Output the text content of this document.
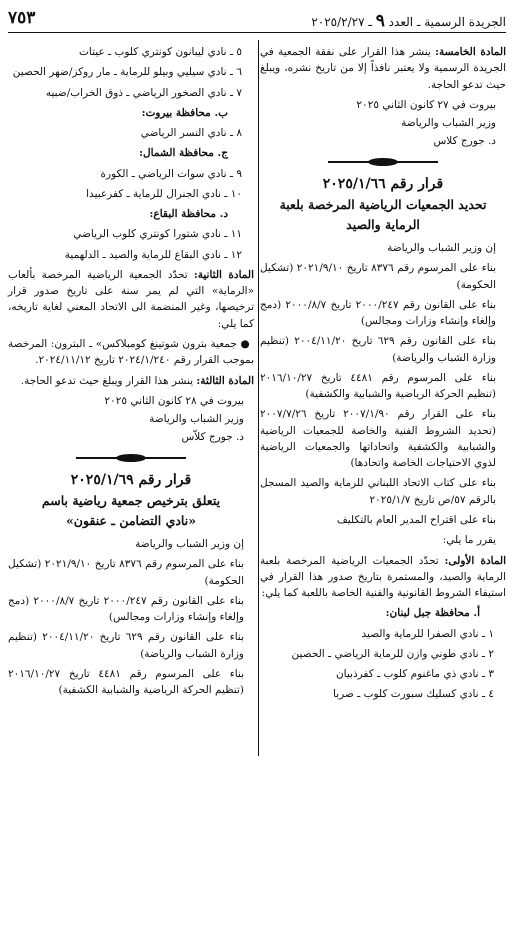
٧٥٣	الجريدة الرسمية ـ العدد ٩ ـ ٢٠٢٥/٢/٢٧

المادة الخامسة: ينشر هذا القرار على نفقة الجمعية في الجريدة الرسمية ولا يعتبر نافذاً إلا من تاريخ نشره، ويبلغ حيث تدعو الحاجة.

بيروت في ٢٧ كانون الثاني ٢٠٢٥

وزير الشباب والرياضة

د. جورج كلاس

قرار رقم ٢٠٢٥/١/٦٦
تحديد الجمعيات الرياضية المرخصة بلعبة الرماية والصيد

إن وزير الشباب والرياضة

بناء على المرسوم رقم ٨٣٧٦ تاريخ ٢٠٢١/٩/١٠ (تشكيل الحكومة)

بناء على القانون رقم ٢٠٠٠/٢٤٧ تاريخ ٢٠٠٠/٨/٧ (دمج وإلغاء وإنشاء وزارات ومجالس)

بناء على القانون رقم ٦٢٩ تاريخ ٢٠٠٤/١١/٢٠ (تنظيم وزارة الشباب والرياضة)

بناء على المرسوم رقم ٤٤٨١ تاريخ ٢٠١٦/١٠/٢٧ (تنظيم الحركة الرياضية والشبابية والكشفية)

بناء على القرار رقم ٢٠٠٧/١/٩٠ تاريخ ٢٠٠٧/٧/٢٦ (تحديد الشروط الفنية والخاصة للجمعيات الرياضية والشبابية والكشفية واتحاداتها والجمعيات الرياضية لذوي الاحتياجات الخاصة واتحادها)

بناء على كتاب الاتحاد اللبناني للرماية والصيد المسجل بالرقم ٥٧/ص تاريخ ٢٠٢٥/١/٧

بناء على اقتراح المدير العام بالتكليف

يقرر ما يلي:

المادة الأولى: تحدّد الجمعيات الرياضية المرخصة بلعبة الرماية والصيد، والمستمرة بتاريخ صدور هذا القرار في استيفاء الشروط القانونية والفنية الخاصة باللعبة كما يلي:

أ. محافظة جبل لبنان:

١ ـ نادي الصفرا للرماية والصيد

٢ ـ نادي طوني وازن للرماية الرياضي ـ الحصين

٣ ـ نادي ذي ماغنوم كلوب ـ كفرذبيان

٤ ـ نادي كسليك سبورت كلوب ـ صربا

٥ ـ نادي ليبانون كونتري كلوب ـ عيتات

٦ ـ نادي سيليي وبيلو للرماية ـ مار روكز/ضهر الحصين

٧ ـ نادي الصخور الرياضي ـ ذوق الخراب/ضبيه

ب. محافظة بيروت:

٨ ـ نادي النسر الرياضي

ج. محافظة الشمال:

٩ ـ نادي سوات الرياضي ـ الكورة

١٠ ـ نادي الجنرال للرماية ـ كفرعبيدا

د. محافظة البقاع:

١١ ـ نادي شتورا كونتري كلوب الرياضي

١٢ ـ نادي البقاع للرماية والصيد ـ الدلهمية

المادة الثانية: تحدّد الجمعية الرياضية المرخصة بألعاب «الرماية» التي لم يمر سنة على تاريخ صدور قرار ترخيصها، وغير المنضمة الى الاتحاد المعني لغاية تاريخه، كما يلي:

● جمعية بترون شوتينغ كومبلاكس» ـ البترون: المرخصة بموجب القرار رقم ٢٠٢٤/١/٢٤٠ تاريخ ٢٠٢٤/١١/١٢.

المادة الثالثة: ينشر هذا القرار ويبلغ حيث تدعو الحاجة.

بيروت في ٢٨ كانون الثاني ٢٠٢٥

وزير الشباب والرياضة

د. جورج كلاّس

قرار رقم ٢٠٢٥/١/٦٩
يتعلق بترخيص جمعية رياضية باسم
«نادي التضامن ـ عنقون»

إن وزير الشباب والرياضة

بناء على المرسوم رقم ٨٣٧٦ تاريخ ٢٠٢١/٩/١٠ (تشكيل الحكومة)

بناء على القانون رقم ٢٠٠٠/٢٤٧ تاريخ ٢٠٠٠/٨/٧ (دمج وإلغاء وإنشاء وزارات ومجالس)

بناء على القانون رقم ٦٢٩ تاريخ ٢٠٠٤/١١/٢٠ (تنظيم وزارة الشباب والرياضة)

بناء على المرسوم رقم ٤٤٨١ تاريخ ٢٠١٦/١٠/٢٧ (تنظيم الحركة الرياضية والشبابية الكشفية)
